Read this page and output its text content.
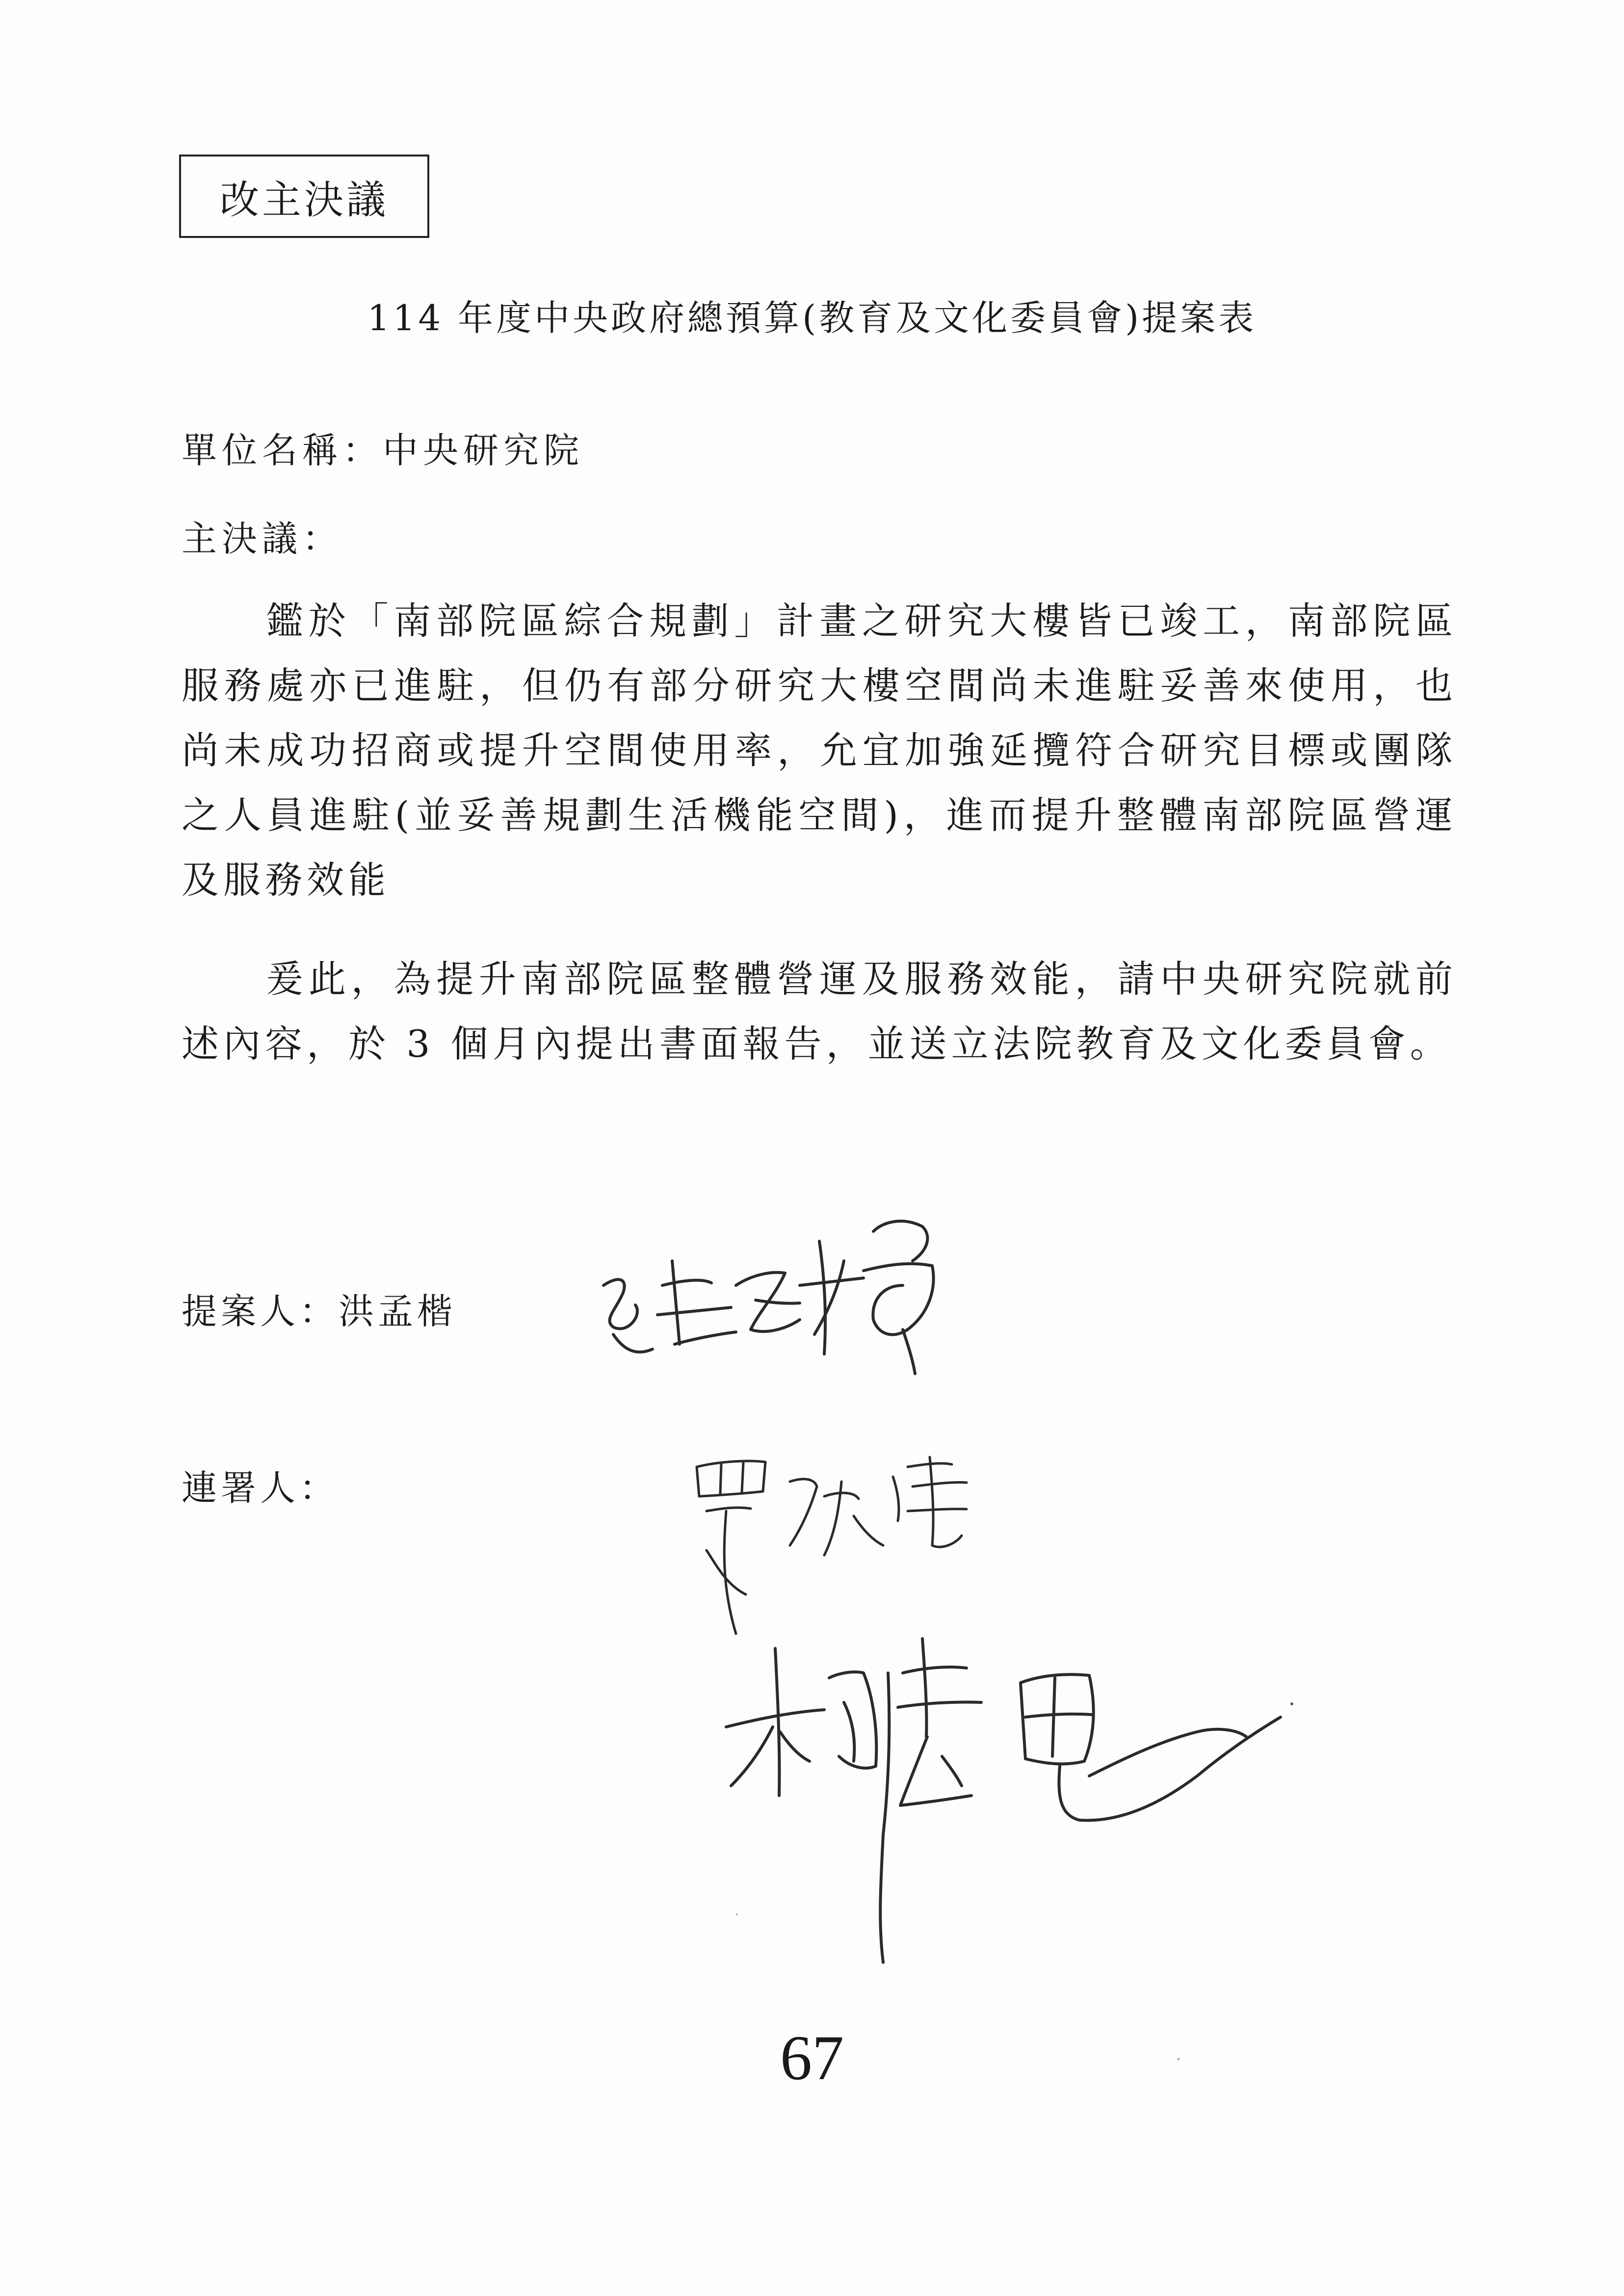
改主決議
114 年度中央政府總預算(教育及文化委員會)提案表
單位名稱：中央研究院
主決議：

鑑於「南部院區綜合規劃」計畫之研究大樓皆已竣工，南部院區服務處亦已進駐，但仍有部分研究大樓空間尚未進駐妥善來使用，也尚未成功招商或提升空間使用率，允宜加強延攬符合研究目標或團隊之人員進駐(並妥善規劃生活機能空間)，進而提升整體南部院區營運及服務效能

爰此，為提升南部院區整體營運及服務效能，請中央研究院就前述內容，於 3 個月內提出書面報告，並送立法院教育及文化委員會。

提案人：洪孟楷
連署人：
67
